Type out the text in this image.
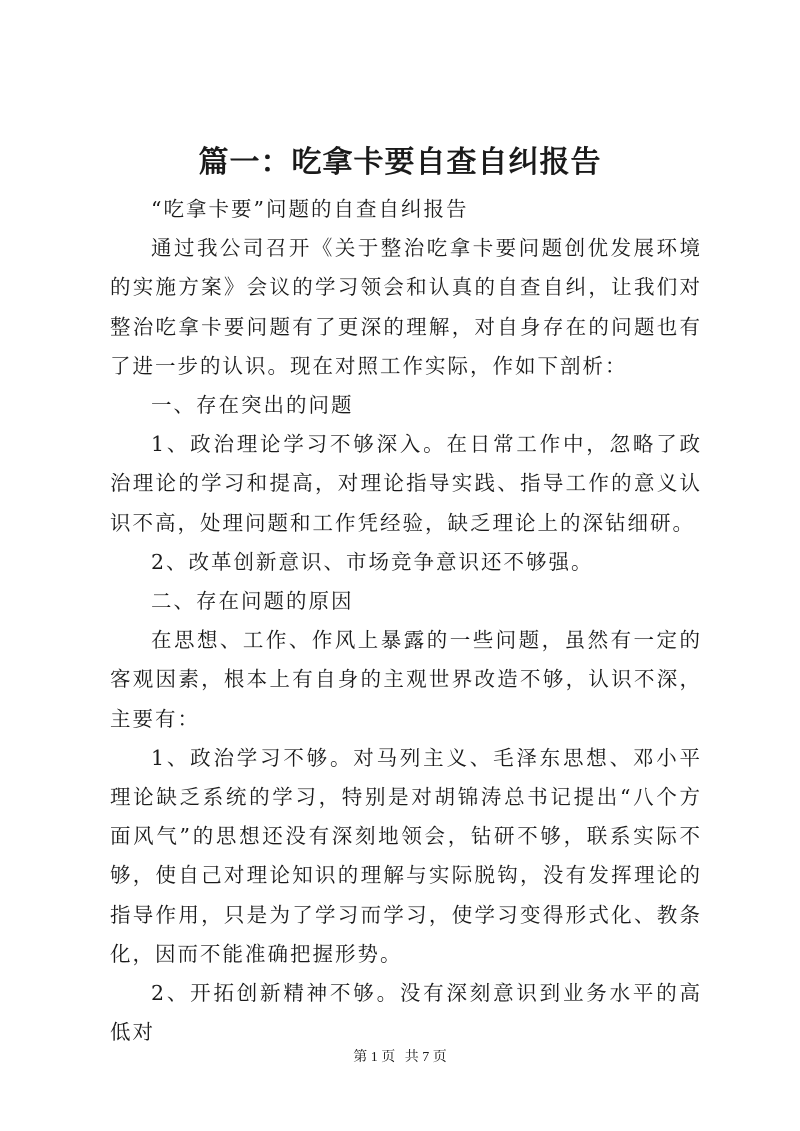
篇一：吃拿卡要自查自纠报告

“吃拿卡要”问题的自查自纠报告

通过我公司召开《关于整治吃拿卡要问题创优发展环境的实施方案》会议的学习领会和认真的自查自纠，让我们对整治吃拿卡要问题有了更深的理解，对自身存在的问题也有了进一步的认识。现在对照工作实际，作如下剖析：

一、存在突出的问题

1、政治理论学习不够深入。在日常工作中，忽略了政治理论的学习和提高，对理论指导实践、指导工作的意义认识不高，处理问题和工作凭经验，缺乏理论上的深钻细研。

2、改革创新意识、市场竞争意识还不够强。

二、存在问题的原因

在思想、工作、作风上暴露的一些问题，虽然有一定的客观因素，根本上有自身的主观世界改造不够，认识不深，主要有：

1、政治学习不够。对马列主义、毛泽东思想、邓小平理论缺乏系统的学习，特别是对胡锦涛总书记提出“八个方面风气”的思想还没有深刻地领会，钻研不够，联系实际不够，使自己对理论知识的理解与实际脱钩，没有发挥理论的指导作用，只是为了学习而学习，使学习变得形式化、教条化，因而不能准确把握形势。

2、开拓创新精神不够。没有深刻意识到业务水平的高低对

第 1 页 共 7 页
